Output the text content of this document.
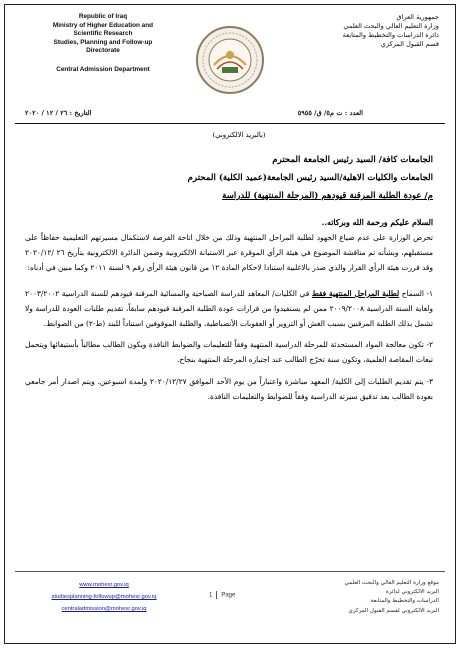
Republic of Iraq
Ministry of Higher Education and
Scientific Research
Studies, Planning and Follow-up
Directorate
Central Admission Department
جمهورية العراق
وزارة التعليم العالي والبحث العلمي
دائرة الدراسات والتخطيط والمتابعة
قسم القبول المركزي
العدد : ت م٥/ ق/ ٥٩٥٥
التاريخ : ٢٦ / ١٢ / ٢٠٢٠
(بالبريد الالكتروني)
الجامعات كافة/ السيد رئيس الجامعة المحترم
الجامعات والكليات الاهلية/السيد رئيس الجامعة(عميد الكلية) المحترم
م/ عودة الطلبة المرقنة قيودهم (المرحلة المنتهية) للدراسة
السلام عليكم ورحمة الله وبركاته..

تحرص الوزارة على عدم ضياع الجهود لطلبة المراحل المنتهية وذلك من خلال اتاحة الفرصة لاستكمال مسيرتهم التعليمية حفاظاً على مستقبلهم، وبشأنه تم مناقشة الموضوع في هيئة الرأي الموقرة عبر الاستبانة الالكترونية وضمن الدائرة الالكترونية بتأريخ ٢٦ /٢٠٢٠/١٢ وقد قررت هيئة الرأي القرار والذي صدر بالاغلبية استنادا لاحكام المادة ١٢ من قانون هيئة الرأي رقم ٩ لسنة ٢٠١١ وكما مبين في أدناه:

١- السماح لطلبة المراحل المنتهية فقط في الكليات/ المعاهد للدراسة الصباحية والمسائية المرقنة قيودهم للسنة الدراسية ٢٠٠٣/٢٠٠٢ ولغاية السنة الدراسية ٢٠٠٩/٢٠٠٨ ممن لم يستفيدوا من قرارات عودة الطلبة المرقنة قيودهم سابقاً، تقديم طلبات العودة للدراسة ولا تشمل بذلك الطلبة المرقنين بسبب الغش أو التزوير أو العقوبات الأنضباطية، والطلبة الموقوفين استناداً للبند (ط-٢) من الضوابط.
٢- تكون معالجة المواد المستحدثة للمرحلة الدراسية المنتهية وفقاً للتعليمات والضوابط النافذة ويكون الطالب مطالباً بأستيفائها ويتحمل تبعات المقاصة العلمية، وتكون سنة تخرّج الطالب عند اجتيازه المرحلة المنتهية بنجاح.
٣- يتم تقديم الطلبات إلى الكلية/ المعهد مباشرة واعتباراً من يوم الأحد الموافق ٢٠٢٠/١٢/٢٧ ولمدة اسبوعين. ويتم اصدار أمر جامعي بعودة الطالب بعد تدقيق سيرته الدراسية وفقاً للضوابط والتعليمات النافذة.
www.mohesr.gov.iq
studiesplanning-followup@mohesr.gov.iq
centraladmission@mohesr.gov.iq
1 Page
موقع وزارة التعليم العالي والبحث العلمي
البريد الالكتروني لدائرة
الدراسات والتخطيط والمتابعة
البريد الالكتروني لقسم القبول المركزي
